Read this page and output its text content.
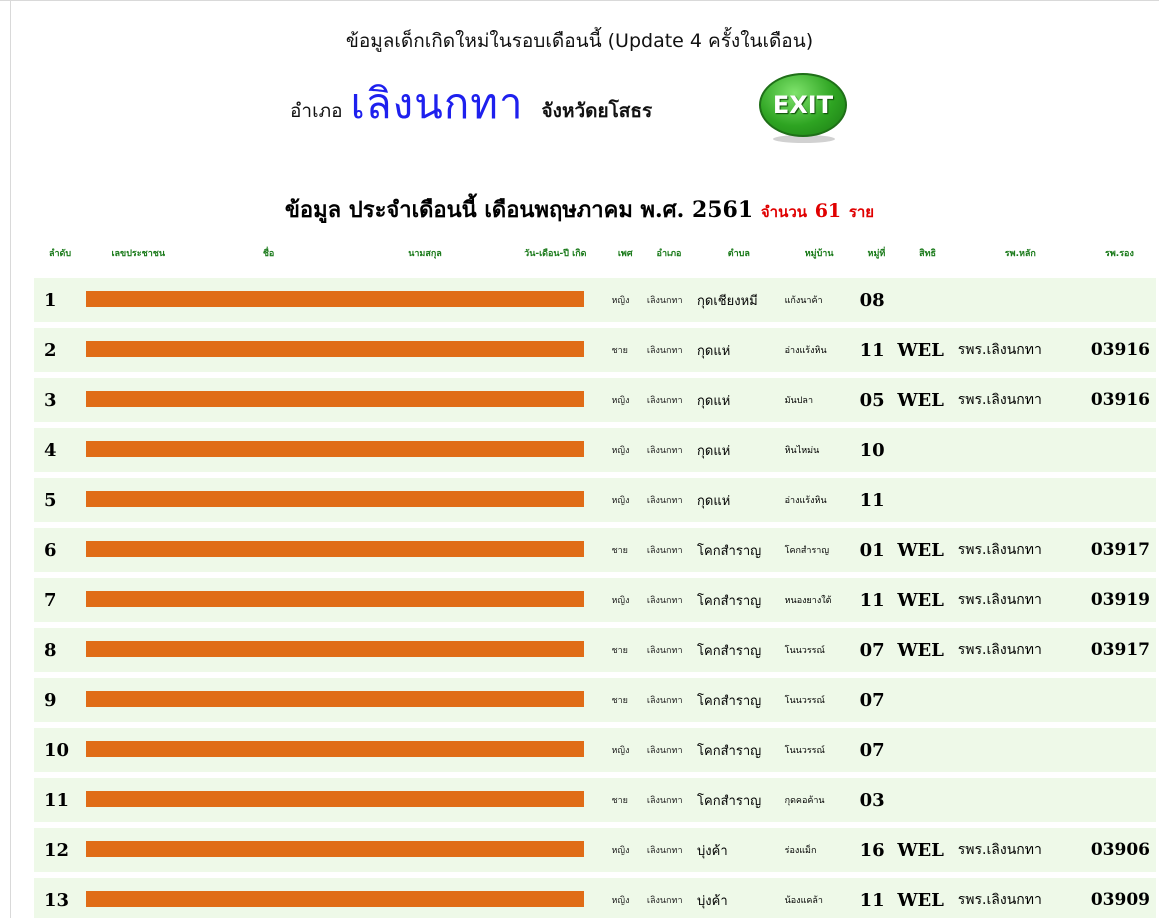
ข้อมูลเด็กเกิดใหม่ในรอบเดือนนี้ (Update 4 ครั้งในเดือน)
อำเภอ เลิงนกทา จังหวัดยโสธร	EXIT
ข้อมูล ประจำเดือนนี้ เดือนพฤษภาคม พ.ศ. 2561 จำนวน 61 ราย
ลำดับ	เลขประชาชน	ชื่อ	นามสกุล	วัน-เดือน-ปี เกิด	เพศ	อำเภอ	ตำบล	หมู่บ้าน	หมู่ที่	สิทธิ	รพ.หลัก	รพ.รอง
1					หญิง	เลิงนกทา	กุดเชียงหมี	แก้งนาค้า	08			
2					ชาย	เลิงนกทา	กุดแห่	อ่างแร้งหิน	11	WEL	รพร.เลิงนกทา	03916
3					หญิง	เลิงนกทา	กุดแห่	มันปลา	05	WEL	รพร.เลิงนกทา	03916
4					หญิง	เลิงนกทา	กุดแห่	หินไหม่น	10			
5					หญิง	เลิงนกทา	กุดแห่	อ่างแร้งหิน	11			
6					ชาย	เลิงนกทา	โคกสำราญ	โคกสำราญ	01	WEL	รพร.เลิงนกทา	03917
7					หญิง	เลิงนกทา	โคกสำราญ	หนองยางใต้	11	WEL	รพร.เลิงนกทา	03919
8					ชาย	เลิงนกทา	โคกสำราญ	โนนวรรณ์	07	WEL	รพร.เลิงนกทา	03917
9					ชาย	เลิงนกทา	โคกสำราญ	โนนวรรณ์	07			
10					หญิง	เลิงนกทา	โคกสำราญ	โนนวรรณ์	07			
11					ชาย	เลิงนกทา	โคกสำราญ	กุดคอค้าน	03			
12					หญิง	เลิงนกทา	บุ่งค้า	ร่องแม็ก	16	WEL	รพร.เลิงนกทา	03906
13					หญิง	เลิงนกทา	บุ่งค้า	น้องแคล้า	11	WEL	รพร.เลิงนกทา	03909
